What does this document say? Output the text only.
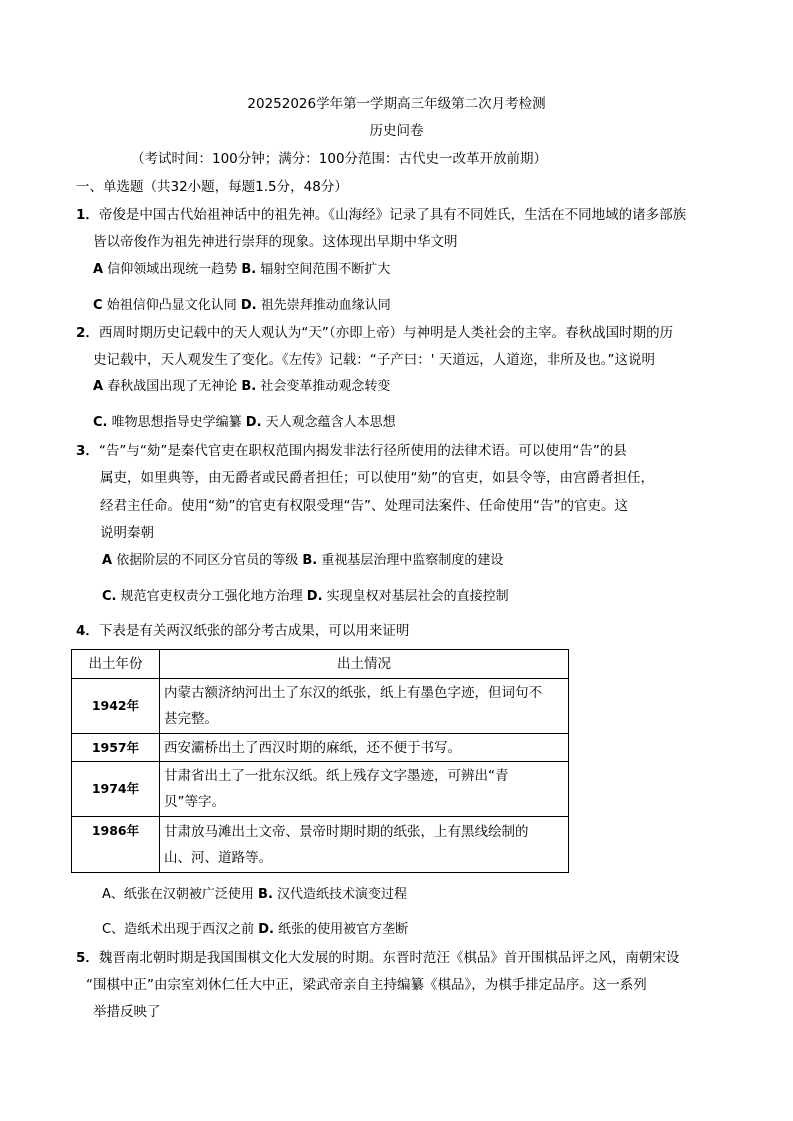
20252026学年第一学期高三年级第二次月考检测
历史问卷
（考试时间：100分钟；满分：100分范围：古代史一改革开放前期）
一、单选题（共32小题，每题1.5分，48分）
1．帝俊是中国古代始祖神话中的祖先神。《山海经》记录了具有不同姓氏，生活在不同地域的诸多部族
皆以帝俊作为祖先神进行崇拜的现象。这体现出早期中华文明
A 信仰领域出现统一趋势 B. 辐射空间范围不断扩大
C 始祖信仰凸显文化认同 D. 祖先崇拜推动血缘认同
2．西周时期历史记载中的天人观认为“天”（亦即上帝）与神明是人类社会的主宰。春秋战国时期的历
史记载中，天人观发生了变化。《左传》记载：“子产曰：' 天道远，人道迩，非所及也。”这说明
A 春秋战国出现了无神论 B. 社会变革推动观念转变
C. 唯物思想指导史学编纂 D. 天人观念蕴含人本思想
3．“告”与“劾”是秦代官吏在职权范围内揭发非法行径所使用的法律术语。可以使用“告”的县
属吏，如里典等，由无爵者或民爵者担任；可以使用“劾”的官吏，如县令等，由宫爵者担任，
经君主任命。使用“劾”的官吏有权限受理“告”、处理司法案件、任命使用“告”的官吏。这
说明秦朝
A 依据阶层的不同区分官员的等级 B. 重视基层治理中监察制度的建设
C. 规范官吏权责分工强化地方治理 D. 实现皇权对基层社会的直接控制
4．下表是有关两汉纸张的部分考古成果，可以用来证明
出土年份	出土情况
1942年	内蒙古额济纳河出土了东汉的纸张，纸上有墨色字迹，但词句不
甚完整。

1957年	西安灞桥出土了西汉时期的麻纸，还不便于书写。

1974年	甘肃省出土了一批东汉纸。纸上残存文字墨迹，可辨出“青
贝”等字。

1986年	甘肃放马滩出土文帝、景帝时期时期的纸张，上有黑线绘制的
山、河、道路等。
A、纸张在汉朝被广泛使用 B. 汉代造纸技术演变过程
C、造纸术出现于西汉之前 D. 纸张的使用被官方垄断
5．魏晋南北朝时期是我国围棋文化大发展的时期。东晋时范汪《棋品》首开围棋品评之风，南朝宋设
“围棋中正”由宗室刘休仁任大中正，梁武帝亲自主持编纂《棋品》，为棋手排定品序。这一系列
举措反映了
